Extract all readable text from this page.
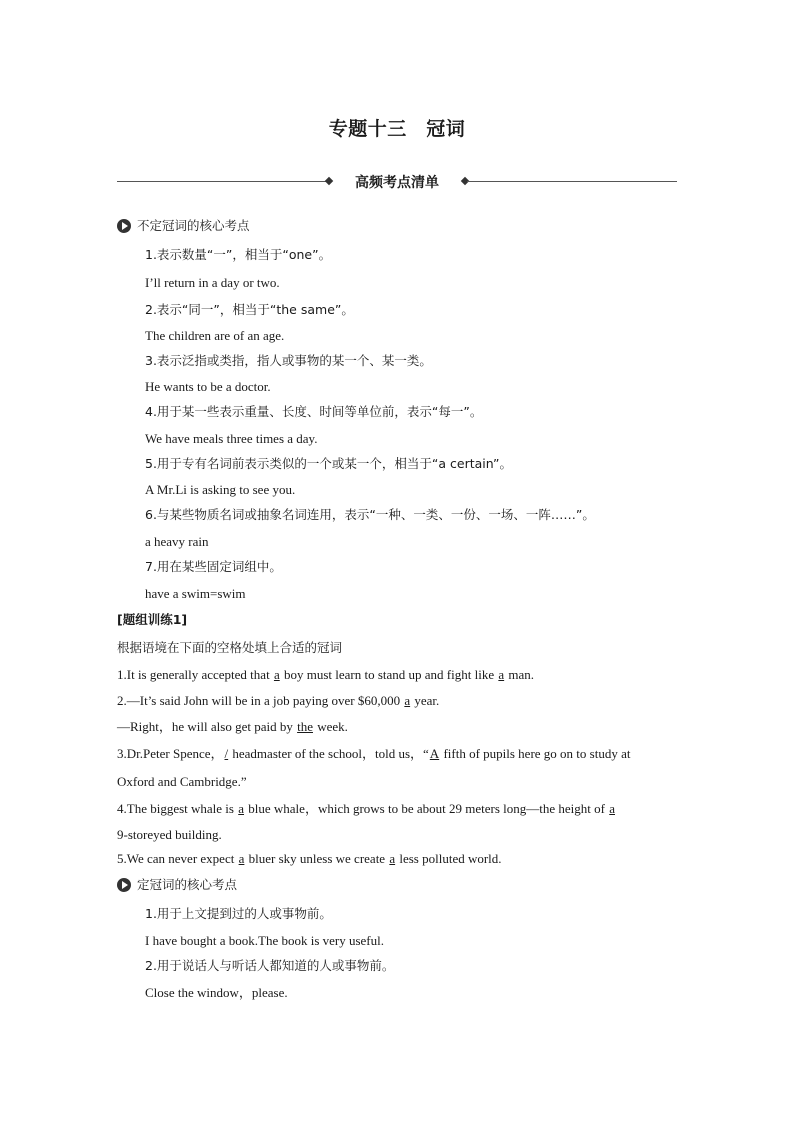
专题十三　冠词
高频考点清单
不定冠词的核心考点
1.表示数量“一”，相当于“one”。
I’ll return in a day or two.
2.表示“同一”，相当于“the same”。
The children are of an age.
3.表示泛指或类指，指人或事物的某一个、某一类。
He wants to be a doctor.
4.用于某一些表示重量、长度、时间等单位前，表示“每一”。
We have meals three times a day.
5.用于专有名词前表示类似的一个或某一个，相当于“a certain”。
A Mr.Li is asking to see you.
6.与某些物质名词或抽象名词连用，表示“一种、一类、一份、一场、一阵……”。
a heavy rain
7.用在某些固定词组中。
have a swim=swim
[题组训练1]
根据语境在下面的空格处填上合适的冠词
1.It is generally accepted that a boy must learn to stand up and fight like a man.
2.—It’s said John will be in a job paying over $60,000 a year.
—Right，he will also get paid by the week.
3.Dr.Peter Spence，/ headmaster of the school，told us，“A fifth of pupils here go on to study at
Oxford and Cambridge.”
4.The biggest whale is a blue whale，which grows to be about 29 meters long—the height of a
9-storeyed building.
5.We can never expect a bluer sky unless we create a less polluted world.
定冠词的核心考点
1.用于上文提到过的人或事物前。
I have bought a book.The book is very useful.
2.用于说话人与听话人都知道的人或事物前。
Close the window，please.
